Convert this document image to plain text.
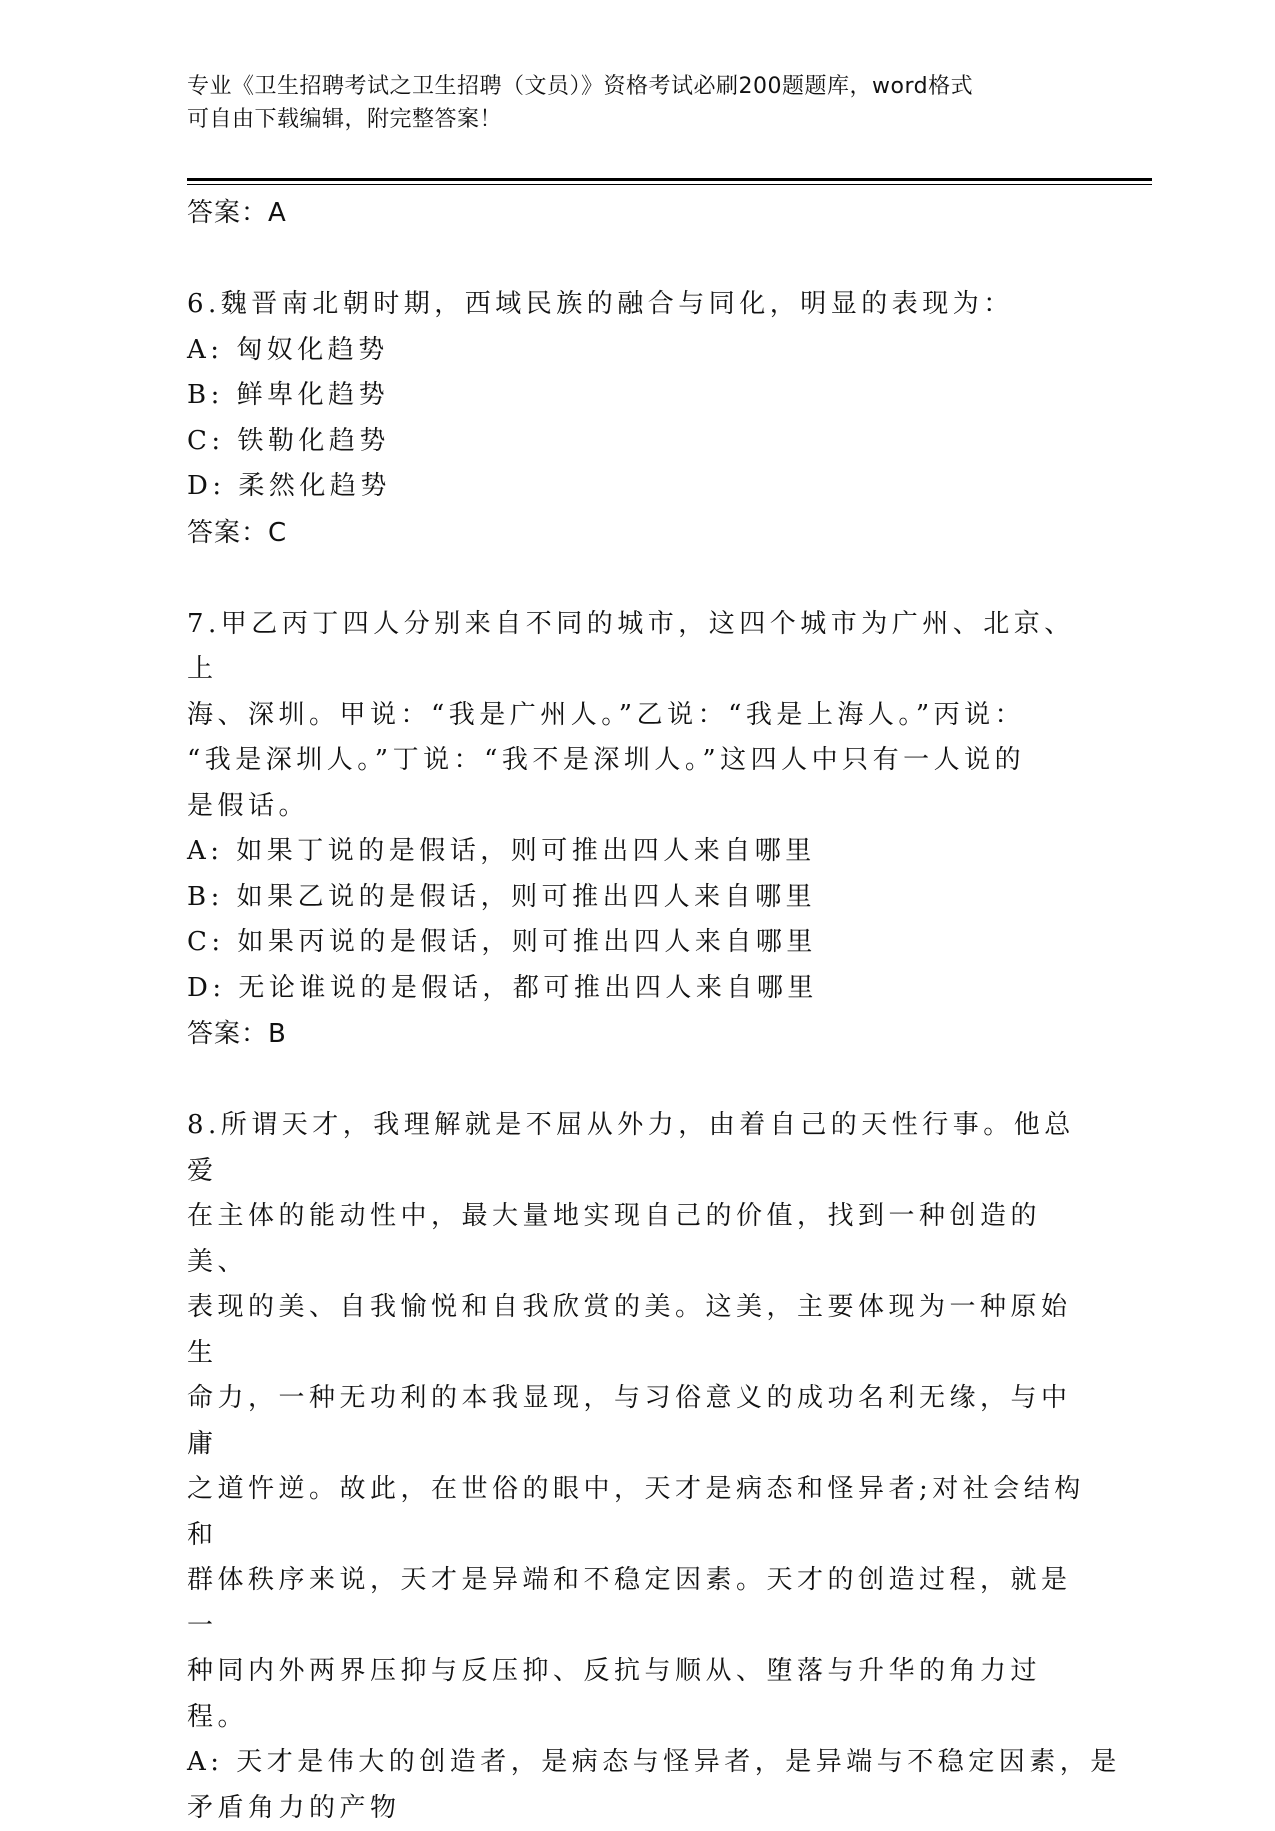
专业《卫生招聘考试之卫生招聘（文员）》资格考试必刷200题题库，word格式
可自由下载编辑，附完整答案！
答案：A
6.魏晋南北朝时期，西域民族的融合与同化，明显的表现为：
A: 匈奴化趋势
B: 鲜卑化趋势
C: 铁勒化趋势
D: 柔然化趋势
答案：C
7.甲乙丙丁四人分别来自不同的城市，这四个城市为广州、北京、上
海、深圳。甲说：“我是广州人。”乙说：“我是上海人。”丙说：
“我是深圳人。”丁说：“我不是深圳人。”这四人中只有一人说的
是假话。
A: 如果丁说的是假话，则可推出四人来自哪里
B: 如果乙说的是假话，则可推出四人来自哪里
C: 如果丙说的是假话，则可推出四人来自哪里
D: 无论谁说的是假话，都可推出四人来自哪里
答案：B
8.所谓天才，我理解就是不屈从外力，由着自己的天性行事。他总爱
在主体的能动性中，最大量地实现自己的价值，找到一种创造的美、
表现的美、自我愉悦和自我欣赏的美。这美，主要体现为一种原始生
命力，一种无功利的本我显现，与习俗意义的成功名利无缘，与中庸
之道忤逆。故此，在世俗的眼中，天才是病态和怪异者;对社会结构和
群体秩序来说，天才是异端和不稳定因素。天才的创造过程，就是一
种同内外两界压抑与反压抑、反抗与顺从、堕落与升华的角力过程。
A: 天才是伟大的创造者，是病态与怪异者，是异端与不稳定因素，是
矛盾角力的产物
